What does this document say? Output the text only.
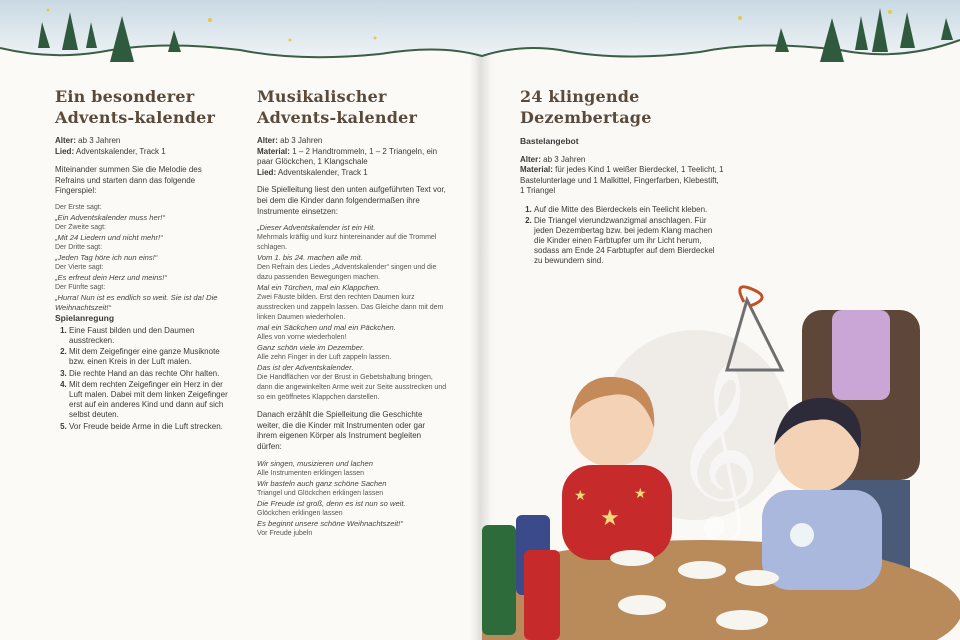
Ein besonderer Advents-kalender

Alter: ab 3 Jahren

Lied: Adventskalender, Track 1

Miteinander summen Sie die Melodie des Refrains und starten dann das folgende Fingerspiel:

Der Erste sagt:

„Ein Adventskalender muss her!“

Der Zweite sagt:

„Mit 24 Liedern und nicht mehr!“

Der Dritte sagt:

„Jeden Tag höre ich nun eins!“

Der Vierte sagt:

„Es erfreut dein Herz und meins!“

Der Fünfte sagt:

„Hurra! Nun ist es endlich so weit. Sie ist da! Die Weihnachtszeit!“

Spielanregung

1. Eine Faust bilden und den Daumen ausstrecken.
2. Mit dem Zeigefinger eine ganze Musiknote bzw. einen Kreis in der Luft malen.
3. Die rechte Hand an das rechte Ohr halten.
4. Mit dem rechten Zeigefinger ein Herz in der Luft malen. Dabei mit dem linken Zeigefinger erst auf ein anderes Kind und dann auf sich selbst deuten.
5. Vor Freude beide Arme in die Luft strecken.
Musikalischer Advents-kalender

Alter: ab 3 Jahren

Material: 1 – 2 Handtrommeln, 1 – 2 Triangeln, ein paar Glöckchen, 1 Klangschale

Lied: Adventskalender, Track 1

Die Spielleitung liest den unten aufgeführten Text vor, bei dem die Kinder dann folgendermaßen ihre Instrumente einsetzen:

„Dieser Adventskalender ist ein Hit.

Mehrmals kräftig und kurz hintereinander auf die Trommel schlagen.

Vom 1. bis 24. machen alle mit.

Den Refrain des Liedes „Adventskalender“ singen und die dazu passenden Bewegungen machen.

Mal ein Türchen, mal ein Klappchen.

Zwei Fäuste bilden. Erst den rechten Daumen kurz ausstrecken und zappeln lassen. Das Gleiche dann mit dem linken Daumen wiederholen.

mal ein Säckchen und mal ein Päckchen.

Alles von vorne wiederholen!

Ganz schön viele im Dezember.

Alle zehn Finger in der Luft zappeln lassen.

Das ist der Adventskalender.

Die Handflächen vor der Brust in Gebetshaltung bringen, dann die angewinkelten Arme weit zur Seite ausstrecken und so ein geöffnetes Klappchen darstellen.

Danach erzählt die Spielleitung die Geschichte weiter, die die Kinder mit Instrumenten oder gar ihrem eigenen Körper als Instrument begleiten dürfen:

Wir singen, musizieren und lachen

Alle Instrumenten erklingen lassen

Wir basteln auch ganz schöne Sachen

Triangel und Glöckchen erklingen lassen

Die Freude ist groß, denn es ist nun so weit.

Glöckchen erklingen lassen

Es beginnt unsere schöne Weihnachtszeit!“

Vor Freude jubeln

24 klingende Dezembertage

Bastelangebot

Alter: ab 3 Jahren

Material: für jedes Kind 1 weißer Bierdeckel, 1 Teelicht, 1 Bastelunterlage und 1 Malkittel, Fingerfarben, Klebestift, 1 Triangel

1. Auf die Mitte des Bierdeckels ein Teelicht kleben.
2. Die Triangel vierundzwanzigmal anschlagen. Für jeden Dezembertag bzw. bei jedem Klang machen die Kinder einen Farbtupfer um ihr Licht herum, sodass am Ende 24 Farbtupfer auf dem Bierdeckel zu bewundern sind.
𝄞
★
★	★
